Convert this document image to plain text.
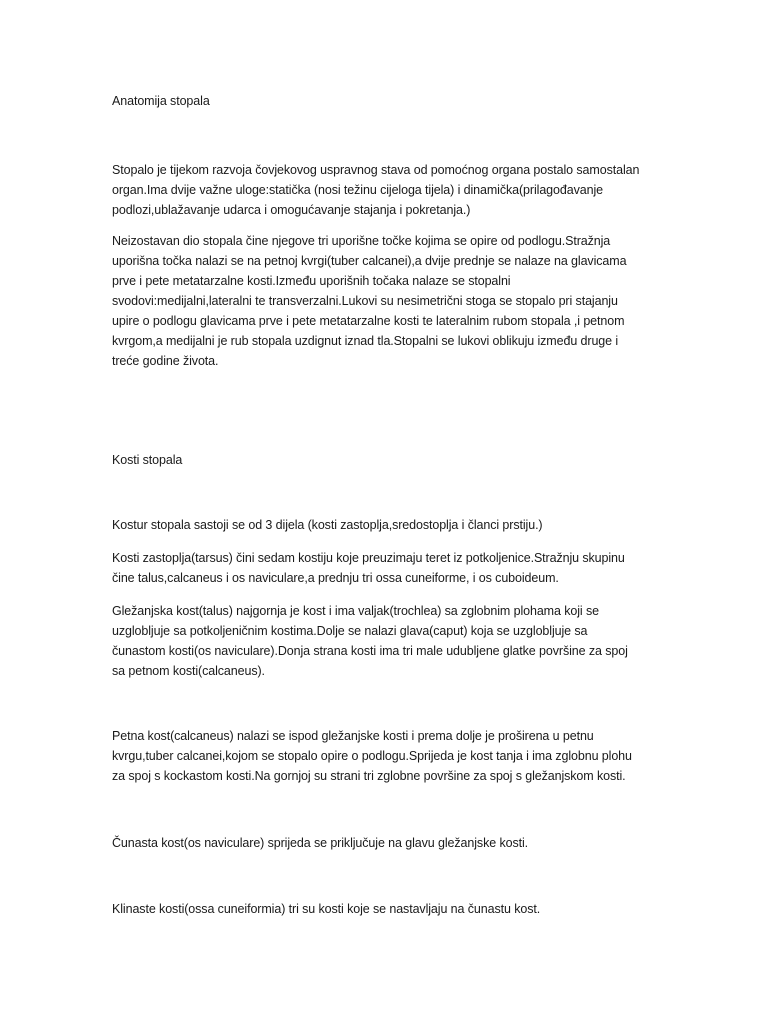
Anatomija stopala

Stopalo je tijekom razvoja čovjekovog uspravnog stava od pomoćnog organa postalo samostalan
organ.Ima dvije važne uloge:statička (nosi težinu cijeloga tijela) i dinamička(prilagođavanje
podlozi,ublažavanje udarca i omogućavanje stajanja i pokretanja.)

Neizostavan dio stopala čine njegove tri uporišne točke kojima se opire od podlogu.Stražnja
uporišna točka nalazi se na petnoj kvrgi(tuber calcanei),a dvije prednje se nalaze na glavicama
prve i pete metatarzalne kosti.Između uporišnih točaka nalaze se stopalni
svodovi:medijalni,lateralni te transverzalni.Lukovi su nesimetrični stoga se stopalo pri stajanju
upire o podlogu glavicama prve i pete metatarzalne kosti te lateralnim rubom stopala ,i petnom
kvrgom,a medijalni je rub stopala uzdignut iznad tla.Stopalni se lukovi oblikuju između druge i
treće godine života.

Kosti stopala

Kostur stopala sastoji se od 3 dijela (kosti zastoplja,sredostoplja i članci prstiju.)

Kosti zastoplja(tarsus) čini sedam kostiju koje preuzimaju teret iz potkoljenice.Stražnju skupinu
čine talus,calcaneus i os naviculare,a prednju tri ossa cuneiforme, i os cuboideum.

Gležanjska kost(talus) najgornja je kost i ima valjak(trochlea) sa zglobnim plohama koji se
uzglobljuje sa potkoljeničnim kostima.Dolje se nalazi glava(caput) koja se uzglobljuje sa
čunastom kosti(os naviculare).Donja strana kosti ima tri male udubljene glatke površine za spoj
sa petnom kosti(calcaneus).

Petna kost(calcaneus) nalazi se ispod gležanjske kosti i prema dolje je proširena u petnu
kvrgu,tuber calcanei,kojom se stopalo opire o podlogu.Sprijeda je kost tanja i ima zglobnu plohu
za spoj s kockastom kosti.Na gornjoj su strani tri zglobne površine za spoj s gležanjskom kosti.

Čunasta kost(os naviculare) sprijeda se priključuje na glavu gležanjske kosti.

Klinaste kosti(ossa cuneiformia) tri su kosti koje se nastavljaju na čunastu kost.
